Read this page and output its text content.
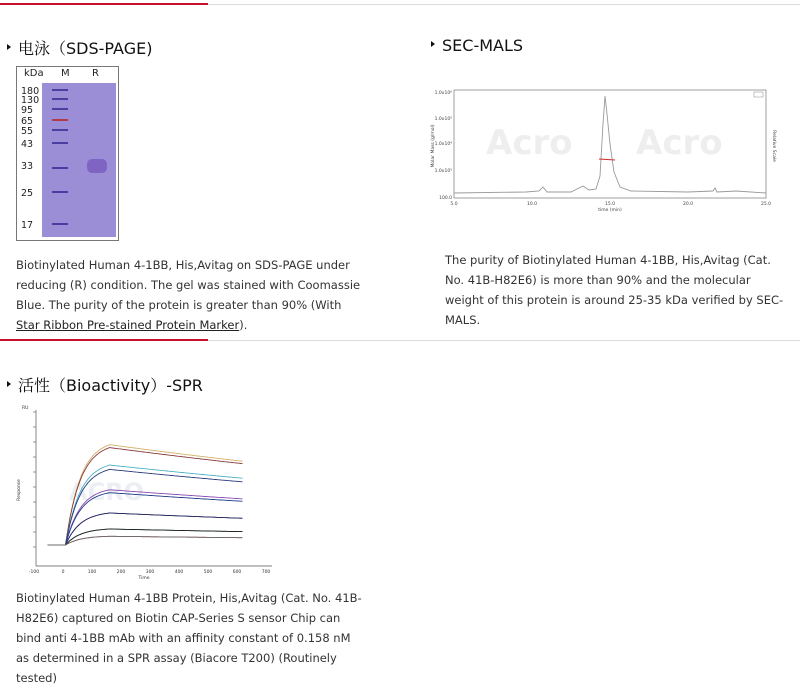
电泳（SDS-PAGE)
kDa M R
180
130
95
65
55
43
33
25
17
Biotinylated Human 4-1BB, His,Avitag on SDS-PAGE under reducing (R) condition. The gel was stained with Coomassie Blue. The purity of the protein is greater than 90% (With Star Ribbon Pre-stained Protein Marker).
SEC-MALS
Acro Acro
1.0x10⁶
1.0x10⁵
1.0x10⁴
1.0x10³
100.0
5.0	10.0	15.0	20.0	25.0
time (min)
Molar Mass (g/mol)	Relative Scale
The purity of Biotinylated Human 4-1BB, His,Avitag (Cat. No. 41B-H82E6) is more than 90% and the molecular weight of this protein is around 25-35 kDa verified by SEC-MALS.
活性（Bioactivity）-SPR
ACRO
RU
Response
Time
-100	0	100	200	300	400	500	600	700
Biotinylated Human 4-1BB Protein, His,Avitag (Cat. No. 41B-H82E6) captured on Biotin CAP-Series S sensor Chip can bind anti 4-1BB mAb with an affinity constant of 0.158 nM as determined in a SPR assay (Biacore T200) (Routinely tested)
